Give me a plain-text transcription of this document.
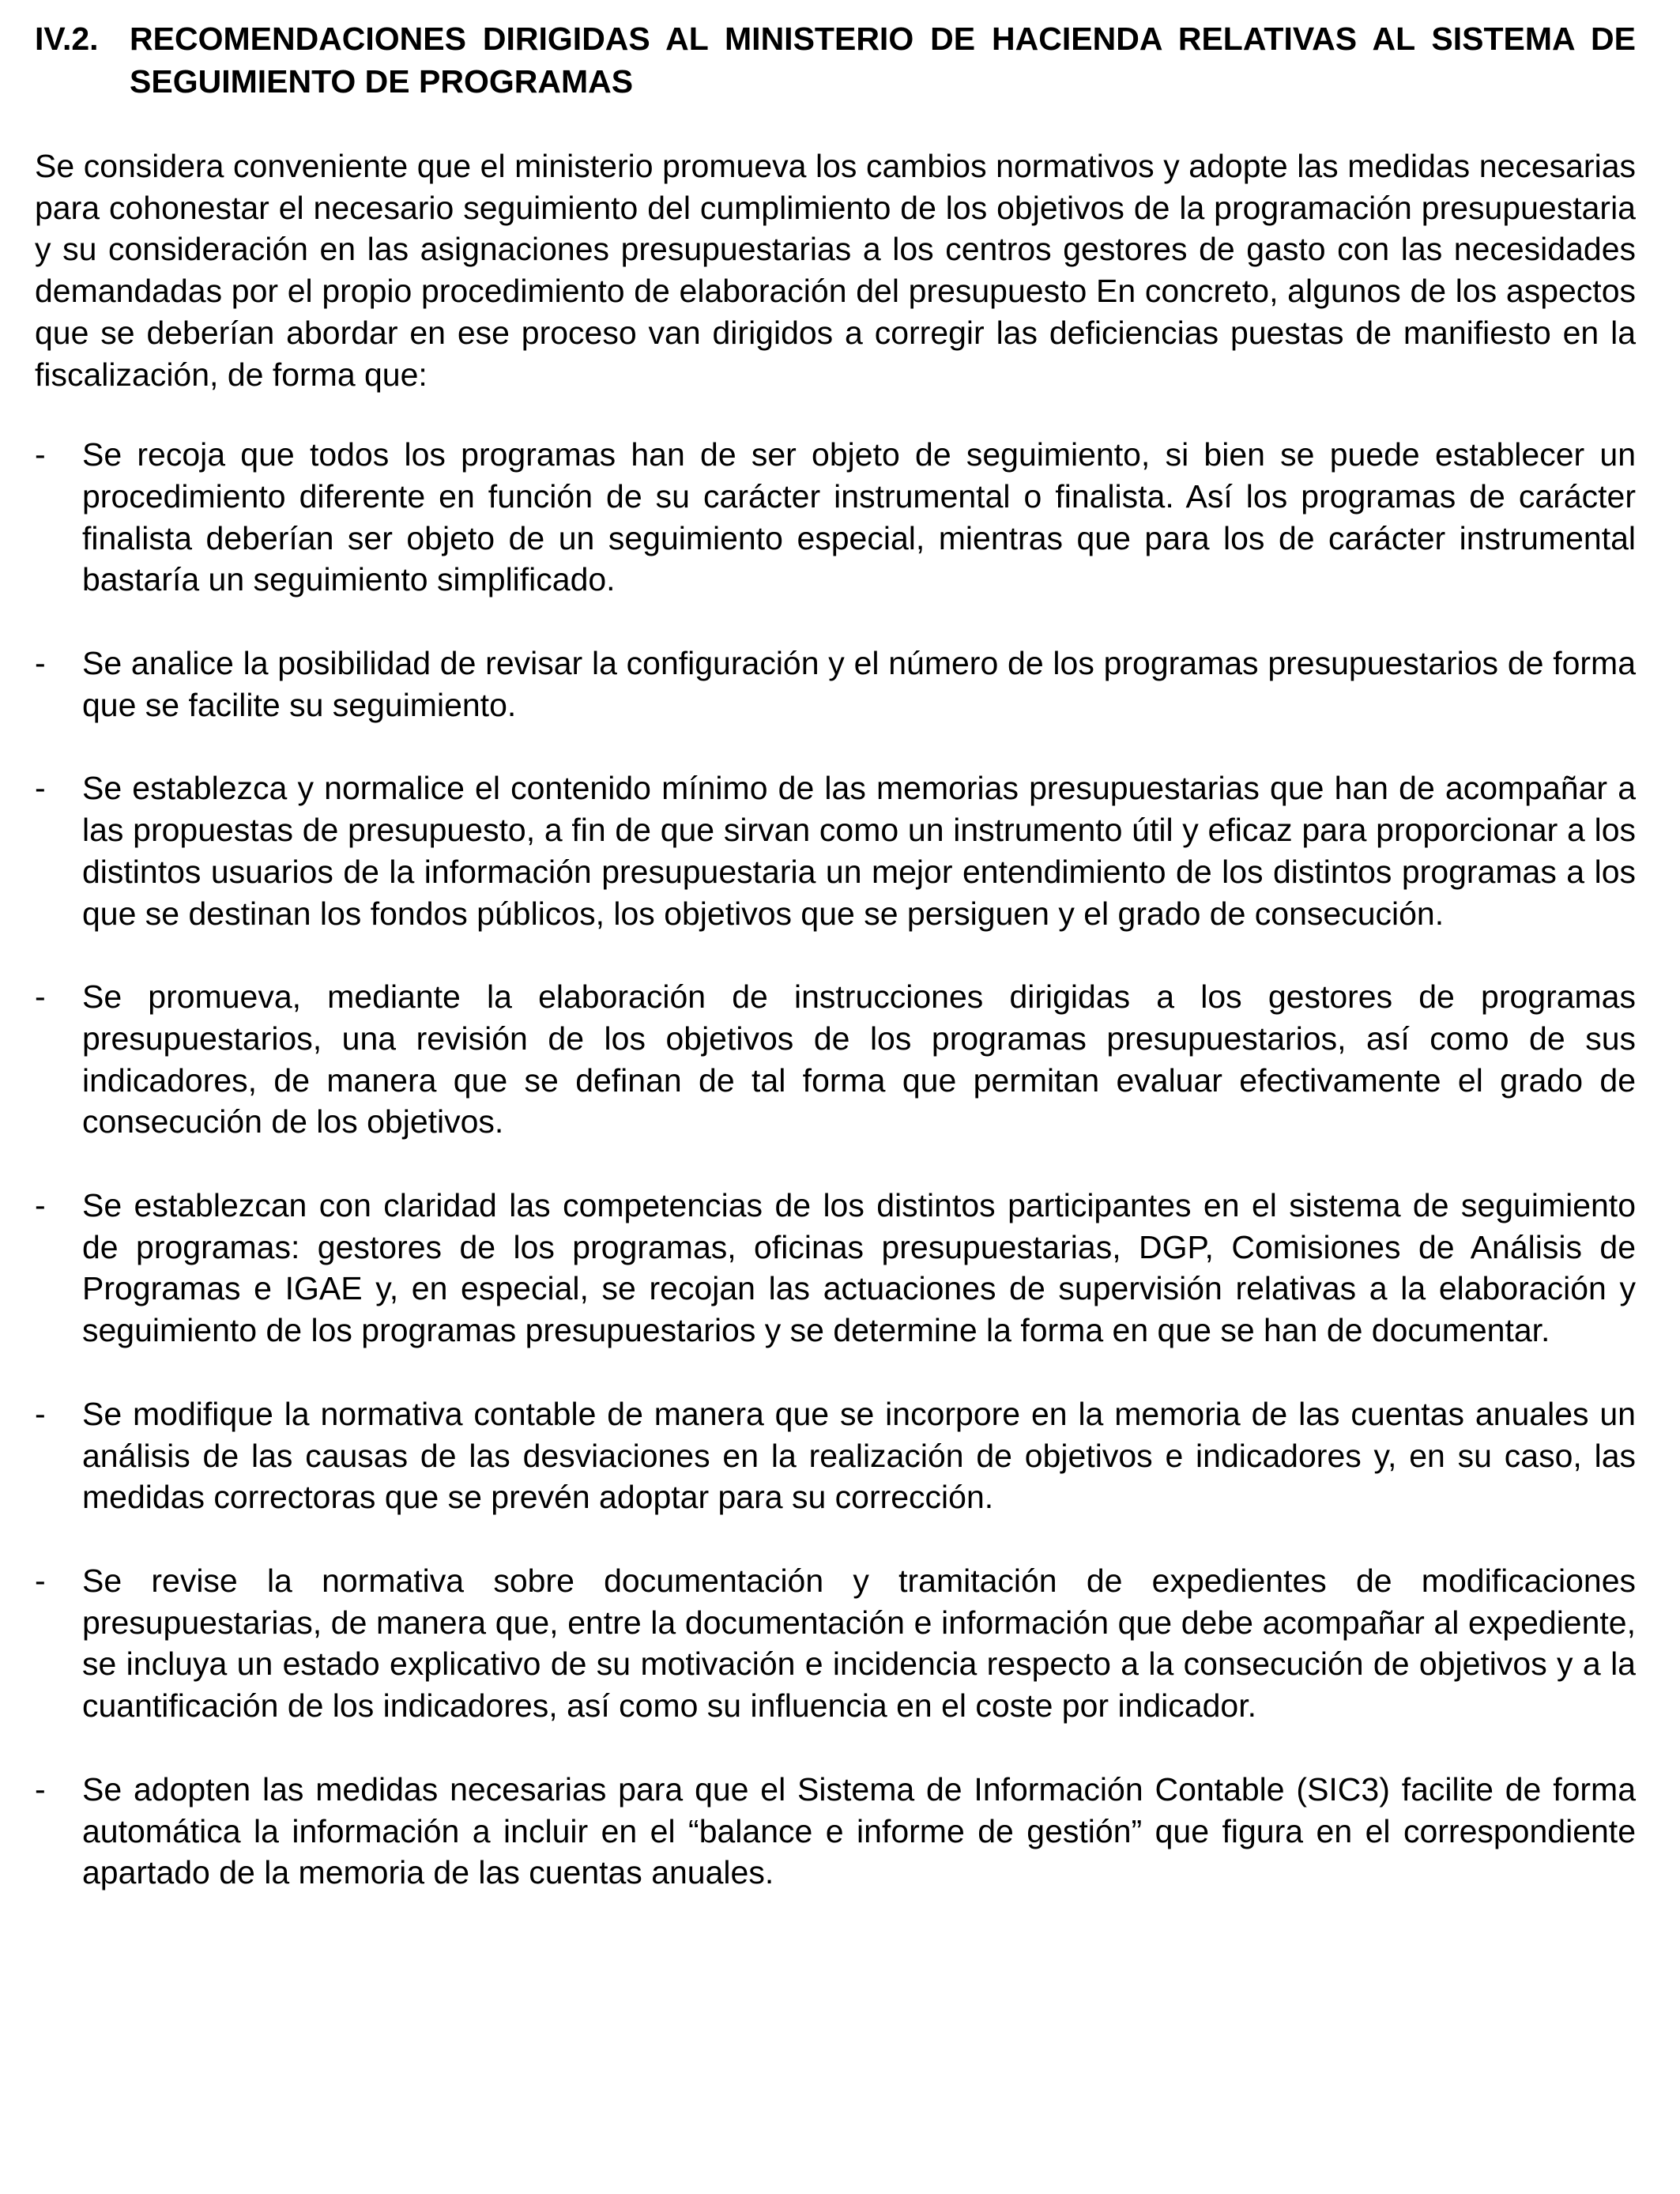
IV.2. RECOMENDACIONES DIRIGIDAS AL MINISTERIO DE HACIENDA RELATIVAS AL SISTEMA DE SEGUIMIENTO DE PROGRAMAS

Se considera conveniente que el ministerio promueva los cambios normativos y adopte las medidas necesarias para cohonestar el necesario seguimiento del cumplimiento de los objetivos de la programación presupuestaria y su consideración en las asignaciones presupuestarias a los centros gestores de gasto con las necesidades demandadas por el propio procedimiento de elaboración del presupuesto En concreto, algunos de los aspectos que se deberían abordar en ese proceso van dirigidos a corregir las deficiencias puestas de manifiesto en la fiscalización, de forma que:

-	Se recoja que todos los programas han de ser objeto de seguimiento, si bien se puede establecer un procedimiento diferente en función de su carácter instrumental o finalista. Así los programas de carácter finalista deberían ser objeto de un seguimiento especial, mientras que para los de carácter instrumental bastaría un seguimiento simplificado.
-	Se analice la posibilidad de revisar la configuración y el número de los programas presupuestarios de forma que se facilite su seguimiento.
-	Se establezca y normalice el contenido mínimo de las memorias presupuestarias que han de acompañar a las propuestas de presupuesto, a fin de que sirvan como un instrumento útil y eficaz para proporcionar a los distintos usuarios de la información presupuestaria un mejor entendimiento de los distintos programas a los que se destinan los fondos públicos, los objetivos que se persiguen y el grado de consecución.
-	Se promueva, mediante la elaboración de instrucciones dirigidas a los gestores de programas presupuestarios, una revisión de los objetivos de los programas presupuestarios, así como de sus indicadores, de manera que se definan de tal forma que permitan evaluar efectivamente el grado de consecución de los objetivos.
-	Se establezcan con claridad las competencias de los distintos participantes en el sistema de seguimiento de programas: gestores de los programas, oficinas presupuestarias, DGP, Comisiones de Análisis de Programas e IGAE y, en especial, se recojan las actuaciones de supervisión relativas a la elaboración y seguimiento de los programas presupuestarios y se determine la forma en que se han de documentar.
-	Se modifique la normativa contable de manera que se incorpore en la memoria de las cuentas anuales un análisis de las causas de las desviaciones en la realización de objetivos e indicadores y, en su caso, las medidas correctoras que se prevén adoptar para su corrección.
-	Se revise la normativa sobre documentación y tramitación de expedientes de modificaciones presupuestarias, de manera que, entre la documentación e información que debe acompañar al expediente, se incluya un estado explicativo de su motivación e incidencia respecto a la consecución de objetivos y a la cuantificación de los indicadores, así como su influencia en el coste por indicador.
-	Se adopten las medidas necesarias para que el Sistema de Información Contable (SIC3) facilite de forma automática la información a incluir en el “balance e informe de gestión” que figura en el correspondiente apartado de la memoria de las cuentas anuales.
